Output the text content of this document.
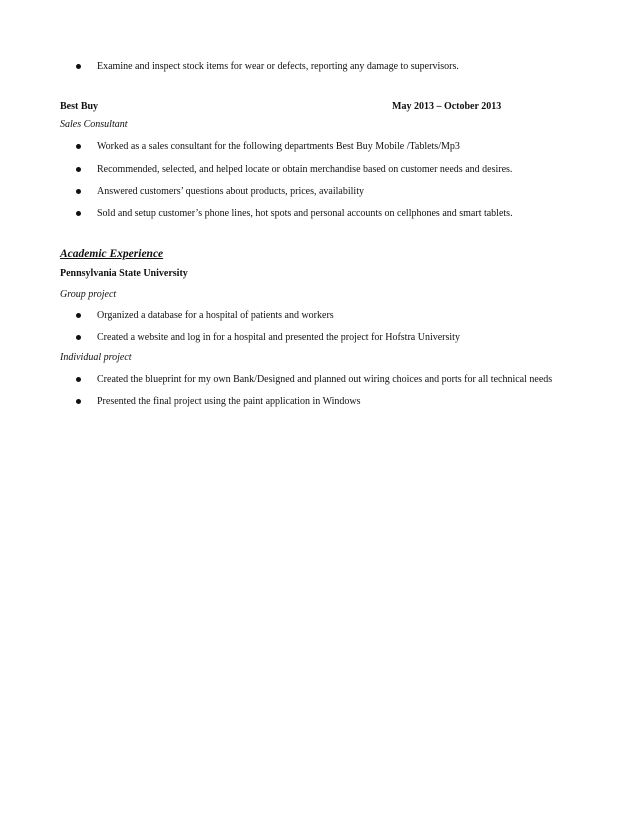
Examine and inspect stock items for wear or defects, reporting any damage to supervisors.
Best Buy	May 2013 – October 2013
Sales Consultant
Worked as a sales consultant for the following departments Best Buy Mobile /Tablets/Mp3
Recommended, selected, and helped locate or obtain merchandise based on customer needs and desires.
Answered customers’ questions about products, prices, availability
Sold and setup customer’s phone lines, hot spots and personal accounts on cellphones and smart tablets.
Academic Experience
Pennsylvania State University
Group project
Organized a database for a hospital of patients and workers
Created a website and log in for a hospital and presented the project for Hofstra University
Individual project
Created the blueprint for my own Bank/Designed and planned out wiring choices and ports for all technical needs
Presented the final project using the paint application in Windows
